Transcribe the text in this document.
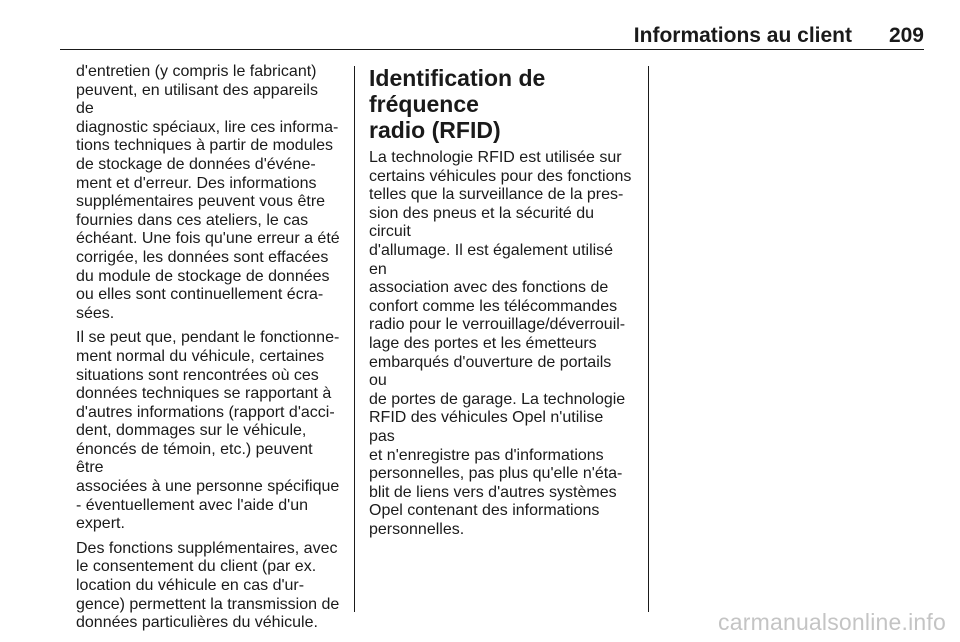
Informations au client 209

d'entretien (y compris le fabricant)
peuvent, en utilisant des appareils de
diagnostic spéciaux, lire ces informa-
tions techniques à partir de modules
de stockage de données d'événe-
ment et d'erreur. Des informations
supplémentaires peuvent vous être
fournies dans ces ateliers, le cas
échéant. Une fois qu'une erreur a été
corrigée, les données sont effacées
du module de stockage de données
ou elles sont continuellement écra-
sées.

Il se peut que, pendant le fonctionne-
ment normal du véhicule, certaines
situations sont rencontrées où ces
données techniques se rapportant à
d'autres informations (rapport d'acci-
dent, dommages sur le véhicule,
énoncés de témoin, etc.) peuvent être
associées à une personne spécifique
- éventuellement avec l'aide d'un
expert.

Des fonctions supplémentaires, avec
le consentement du client (par ex.
location du véhicule en cas d'ur-
gence) permettent la transmission de
données particulières du véhicule.

Identification de fréquence
radio (RFID)

La technologie RFID est utilisée sur
certains véhicules pour des fonctions
telles que la surveillance de la pres-
sion des pneus et la sécurité du circuit
d'allumage. Il est également utilisé en
association avec des fonctions de
confort comme les télécommandes
radio pour le verrouillage/déverrouil-
lage des portes et les émetteurs
embarqués d'ouverture de portails ou
de portes de garage. La technologie
RFID des véhicules Opel n'utilise pas
et n'enregistre pas d'informations
personnelles, pas plus qu'elle n'éta-
blit de liens vers d'autres systèmes
Opel contenant des informations
personnelles.

carmanualsonline.info
